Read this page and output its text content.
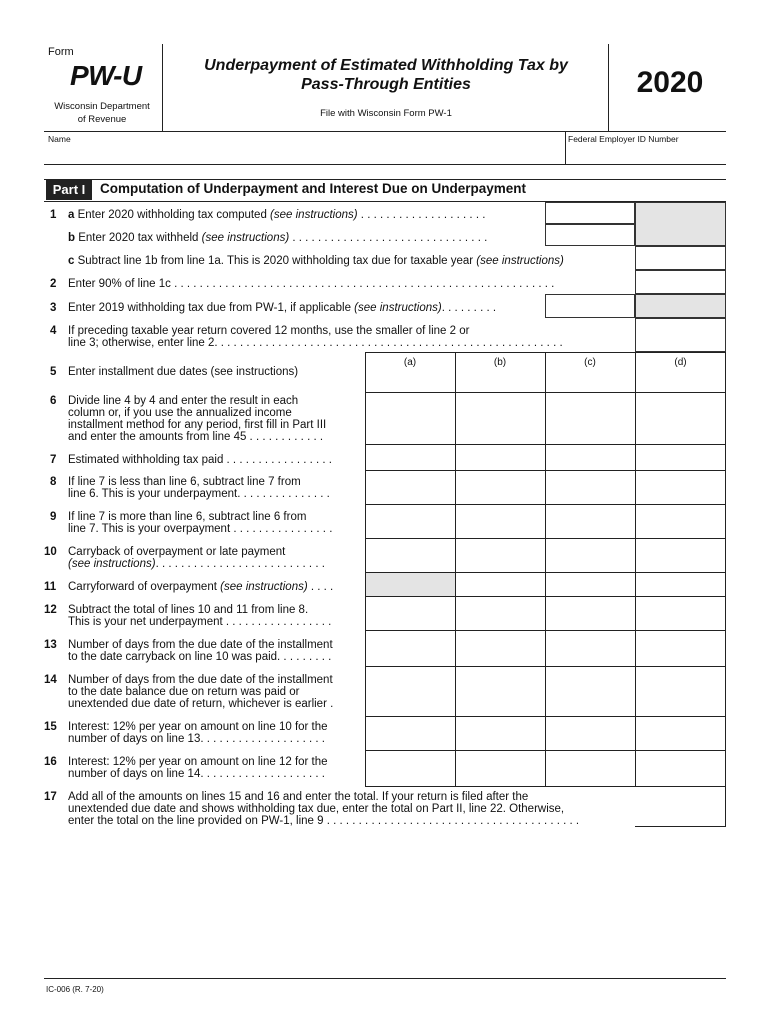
Form
PW-U
Wisconsin Department
of Revenue
Underpayment of Estimated Withholding Tax by
Pass-Through Entities
File with Wisconsin Form PW-1
2020
Name	Federal Employer ID Number
Part I	Computation of Underpayment and Interest Due on Underpayment
1 a Enter 2020 withholding tax computed (see instructions) . . . . . . . . . . . . . . . . . . . .
b Enter 2020 tax withheld (see instructions) . . . . . . . . . . . . . . . . . . . . . . . . . . . . . . .
c Subtract line 1b from line 1a. This is 2020 withholding tax due for taxable year (see instructions)
2 Enter 90% of line 1c . . . . . . . . . . . . . . . . . . . . . . . . . . . . . . . . . . . . . . . . . . . . . . . . . . . . . . . . . . . .
3 Enter 2019 withholding tax due from PW-1, if applicable (see instructions). . . . . . . . .
4 If preceding taxable year return covered 12 months, use the smaller of line 2 or
line 3; otherwise, enter line 2. . . . . . . . . . . . . . . . . . . . . . . . . . . . . . . . . . . . . . . . . . . . . . . . . . . . . . .
(a)	(b)	(c)	(d)
5 Enter installment due dates (see instructions)
6 Divide line 4 by 4 and enter the result in each
column or, if you use the annualized income
installment method for any period, first fill in Part III
and enter the amounts from line 45 . . . . . . . . . . . .
7 Estimated withholding tax paid . . . . . . . . . . . . . . . . .
8 If line 7 is less than line 6, subtract line 7 from
line 6. This is your underpayment. . . . . . . . . . . . . . .
9 If line 7 is more than line 6, subtract line 6 from
line 7. This is your overpayment . . . . . . . . . . . . . . . .
10 Carryback of overpayment or late payment
(see instructions). . . . . . . . . . . . . . . . . . . . . . . . . . .
11 Carryforward of overpayment (see instructions) . . . .
12 Subtract the total of lines 10 and 11 from line 8.
This is your net underpayment . . . . . . . . . . . . . . . . .
13 Number of days from the due date of the installment
to the date carryback on line 10 was paid. . . . . . . . .
14 Number of days from the due date of the installment
to the date balance due on return was paid or
unextended due date of return, whichever is earlier .
15 Interest: 12% per year on amount on line 10 for the
number of days on line 13. . . . . . . . . . . . . . . . . . . .
16 Interest: 12% per year on amount on line 12 for the
number of days on line 14. . . . . . . . . . . . . . . . . . . .
17 Add all of the amounts on lines 15 and 16 and enter the total. If your return is filed after the
unextended due date and shows withholding tax due, enter the total on Part II, line 22. Otherwise,
enter the total on the line provided on PW-1, line 9 . . . . . . . . . . . . . . . . . . . . . . . . . . . . . . . . . . . . . . . .
IC-006 (R. 7-20)
